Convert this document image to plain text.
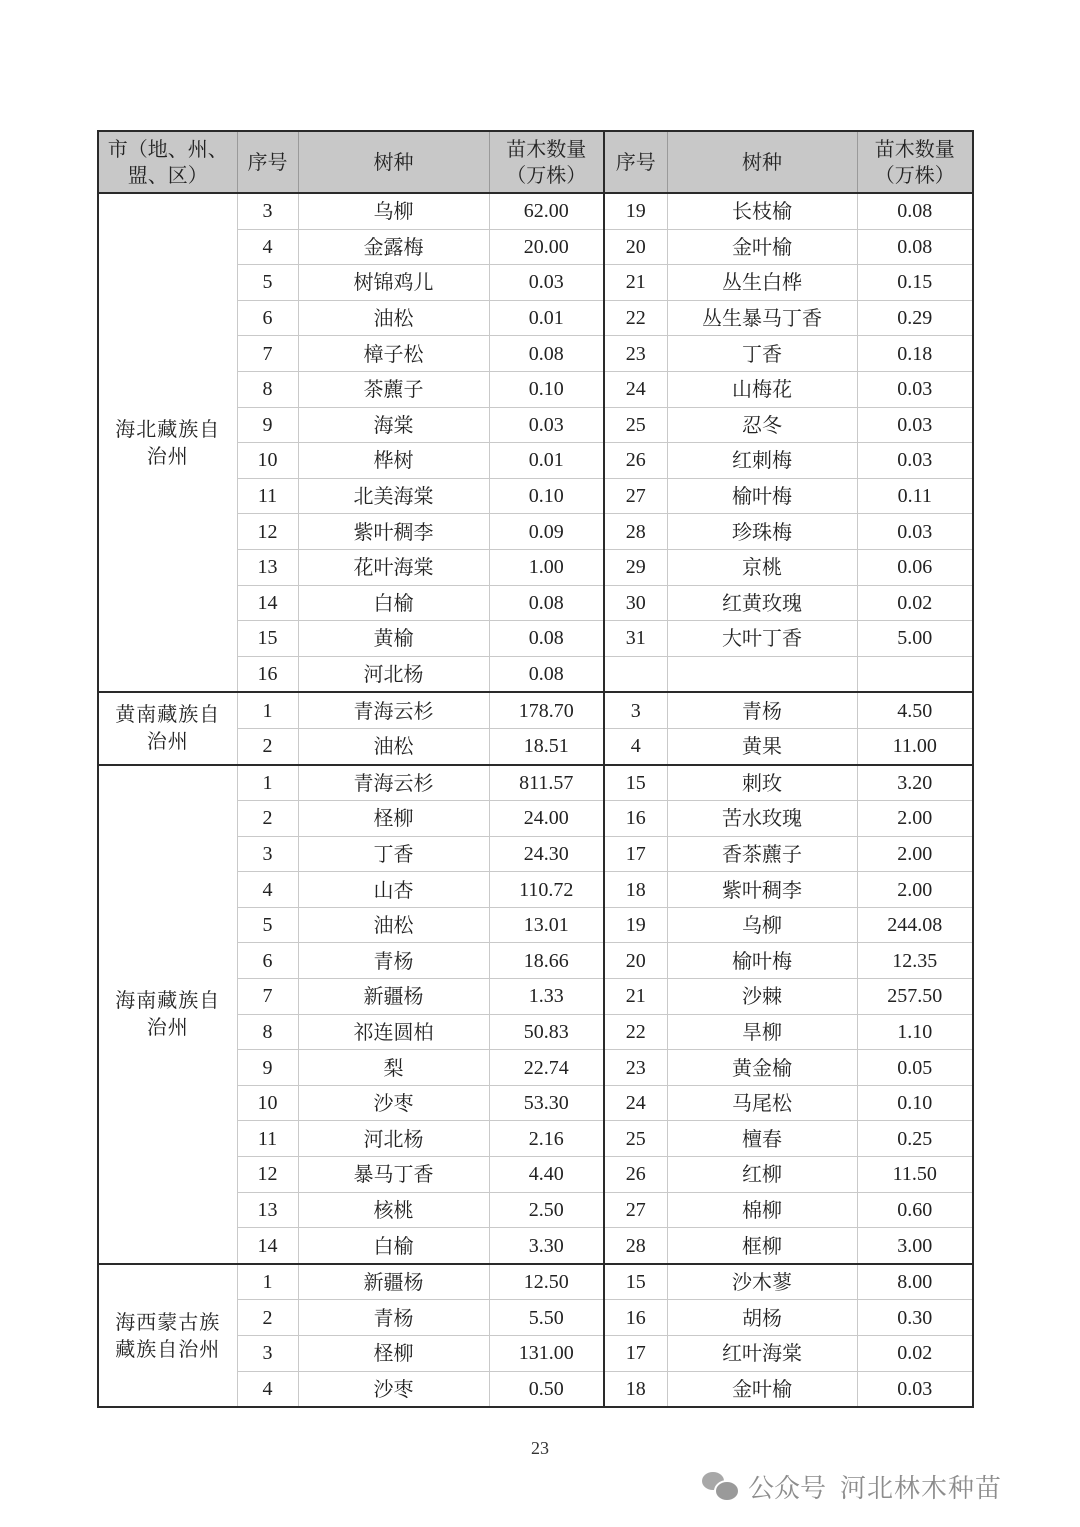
市（地、州、盟、区）	序号	树种	苗木数量（万株）	序号	树种	苗木数量（万株）
海北藏族自治州	3	乌柳	62.00	19	长枝榆	0.08
	4	金露梅	20.00	20	金叶榆	0.08
	5	树锦鸡儿	0.03	21	丛生白桦	0.15
	6	油松	0.01	22	丛生暴马丁香	0.29
	7	樟子松	0.08	23	丁香	0.18
	8	茶藨子	0.10	24	山梅花	0.03
	9	海棠	0.03	25	忍冬	0.03
	10	桦树	0.01	26	红刺梅	0.03
	11	北美海棠	0.10	27	榆叶梅	0.11
	12	紫叶稠李	0.09	28	珍珠梅	0.03
	13	花叶海棠	1.00	29	京桃	0.06
	14	白榆	0.08	30	红黄玫瑰	0.02
	15	黄榆	0.08	31	大叶丁香	5.00
	16	河北杨	0.08			
黄南藏族自治州	1	青海云杉	178.70	3	青杨	4.50
	2	油松	18.51	4	黄果	11.00
海南藏族自治州	1	青海云杉	811.57	15	刺玫	3.20
	2	柽柳	24.00	16	苦水玫瑰	2.00
	3	丁香	24.30	17	香茶藨子	2.00
	4	山杏	110.72	18	紫叶稠李	2.00
	5	油松	13.01	19	乌柳	244.08
	6	青杨	18.66	20	榆叶梅	12.35
	7	新疆杨	1.33	21	沙棘	257.50
	8	祁连圆柏	50.83	22	旱柳	1.10
	9	梨	22.74	23	黄金榆	0.05
	10	沙枣	53.30	24	马尾松	0.10
	11	河北杨	2.16	25	檀春	0.25
	12	暴马丁香	4.40	26	红柳	11.50
	13	核桃	2.50	27	棉柳	0.60
	14	白榆	3.30	28	框柳	3.00
海西蒙古族藏族自治州	1	新疆杨	12.50	15	沙木蓼	8.00
	2	青杨	5.50	16	胡杨	0.30
	3	柽柳	131.00	17	红叶海棠	0.02
	4	沙枣	0.50	18	金叶榆	0.03
23
公众号 河北林木种苗
